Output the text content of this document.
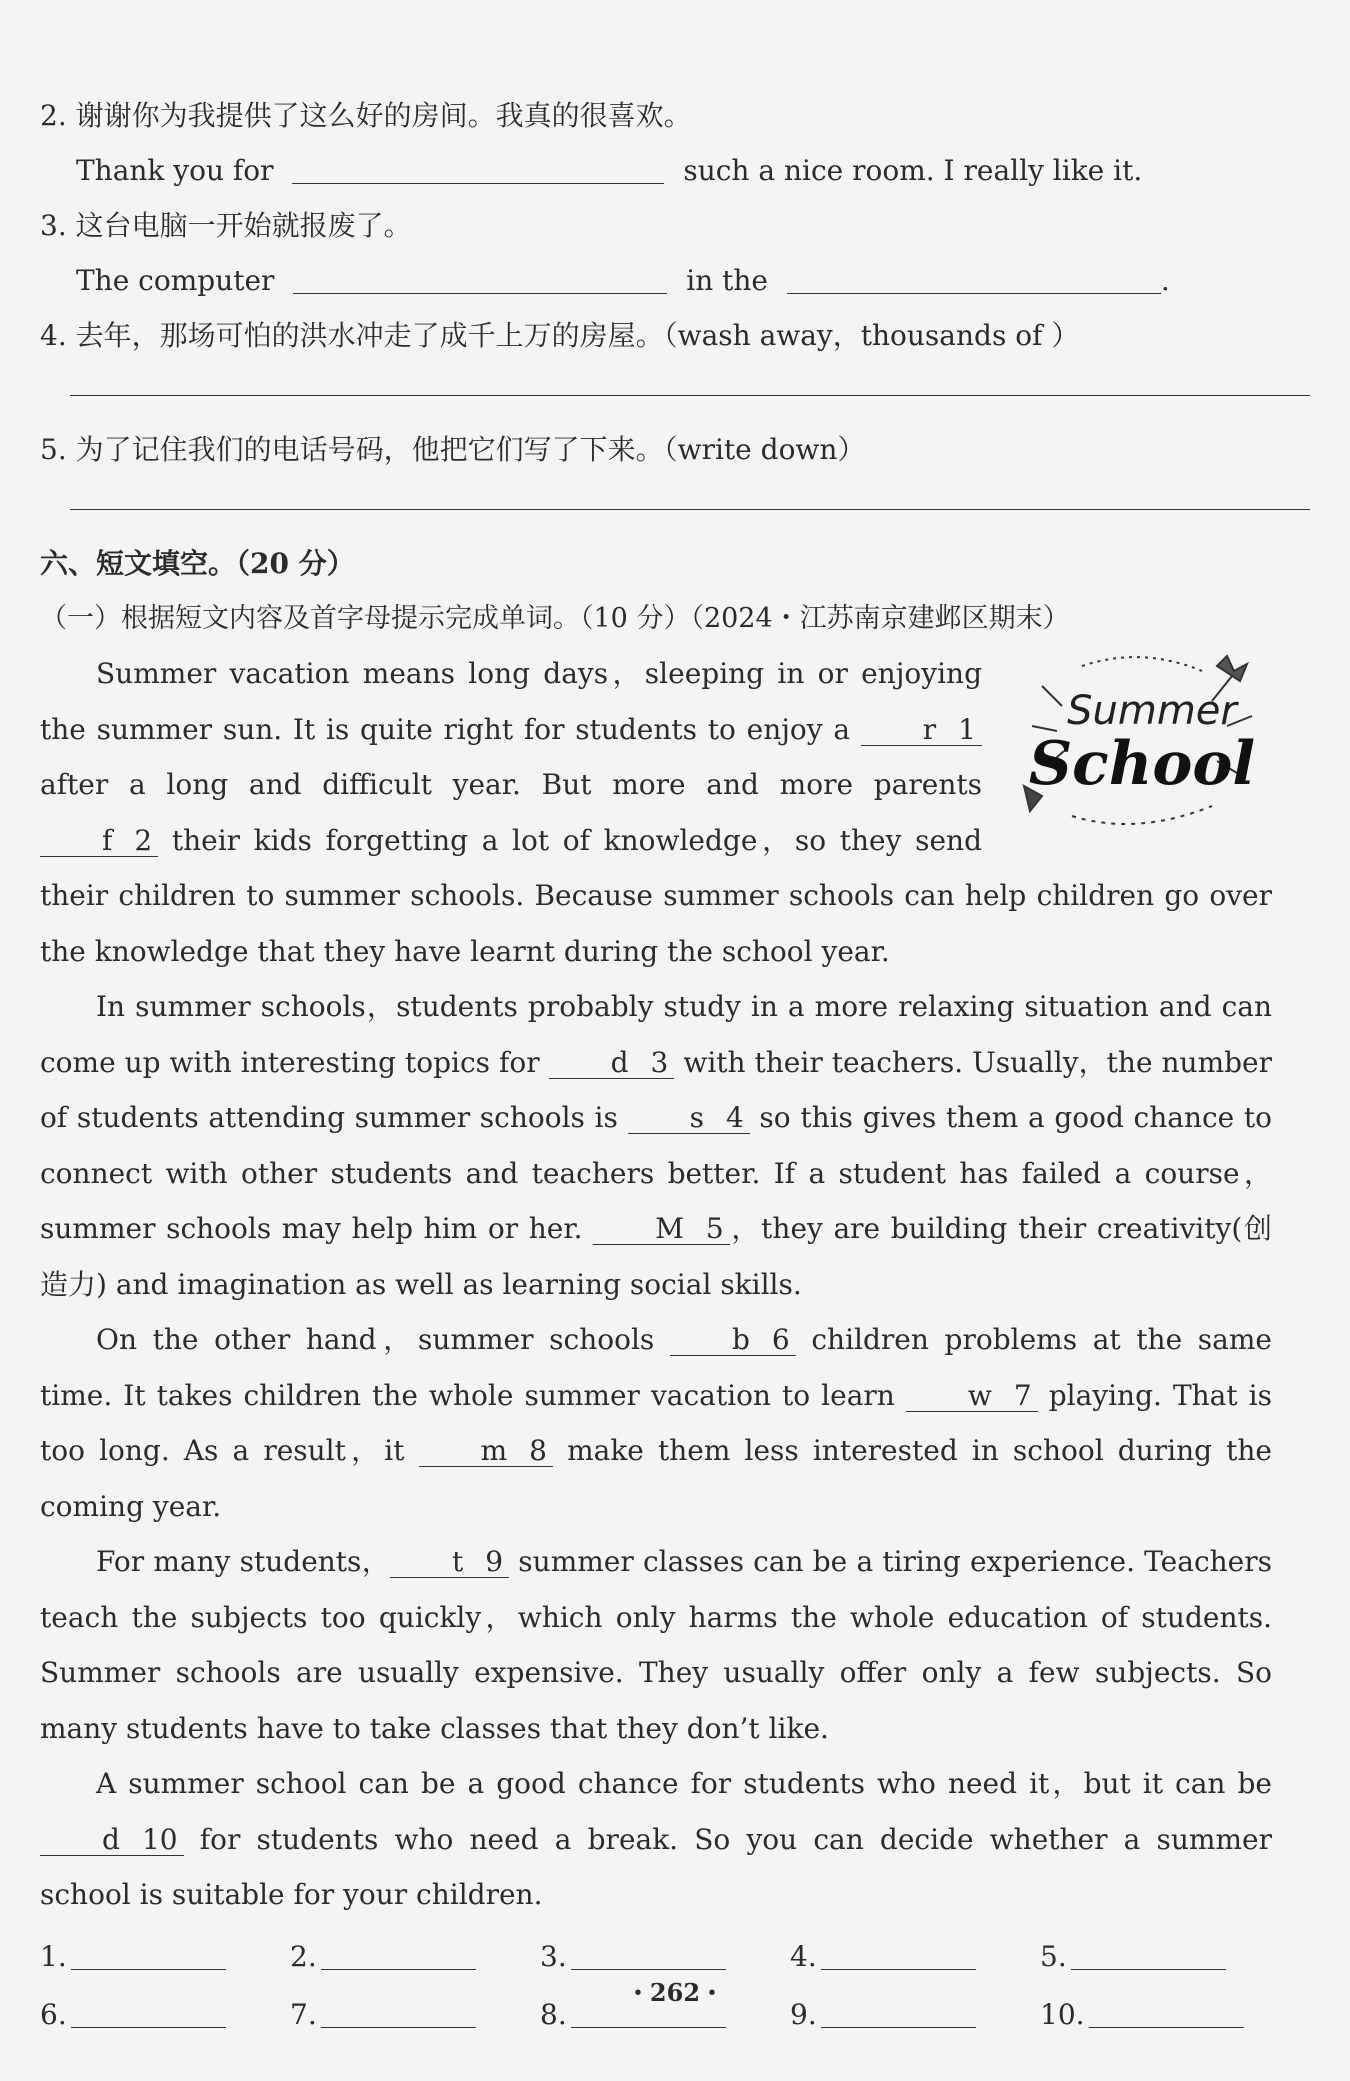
2. 谢谢你为我提供了这么好的房间。我真的很喜欢。
Thank you for	such a nice room. I really like it.
3. 这台电脑一开始就报废了。
The computer	in the	.
4. 去年，那场可怕的洪水冲走了成千上万的房屋。（wash away，thousands of ）
5. 为了记住我们的电话号码，他把它们写了下来。（write down）
六、短文填空。（20 分）
（一）根据短文内容及首字母提示完成单词。（10 分）（2024・江苏南京建邺区期末）
Summer
School
Summer vacation means long days，sleeping in or enjoying the summer sun. It is quite right for students to enjoy a r 1 after a long and difficult year. But more and more parents f 2 their kids forgetting a lot of knowledge，so they send their children to summer schools. Because summer schools can help children go over the knowledge that they have learnt during the school year.
In summer schools，students probably study in a more relaxing situation and can come up with interesting topics for d 3 with their teachers. Usually，the number of students attending summer schools is s 4 so this gives them a good chance to connect with other students and teachers better. If a student has failed a course，summer schools may help him or her. M 5 ，they are building their creativity(创造力) and imagination as well as learning social skills.
On the other hand，summer schools b 6 children problems at the same time. It takes children the whole summer vacation to learn w 7 playing. That is too long. As a result，it m 8 make them less interested in school during the coming year.
For many students， t 9 summer classes can be a tiring experience. Teachers teach the subjects too quickly，which only harms the whole education of students. Summer schools are usually expensive. They usually offer only a few subjects. So many students have to take classes that they don’t like.
A summer school can be a good chance for students who need it，but it can be d 10 for students who need a break. So you can decide whether a summer school is suitable for your children.
1.	2.	3.	4.	5.
6.	7.	8.	9.	10.
・262・
